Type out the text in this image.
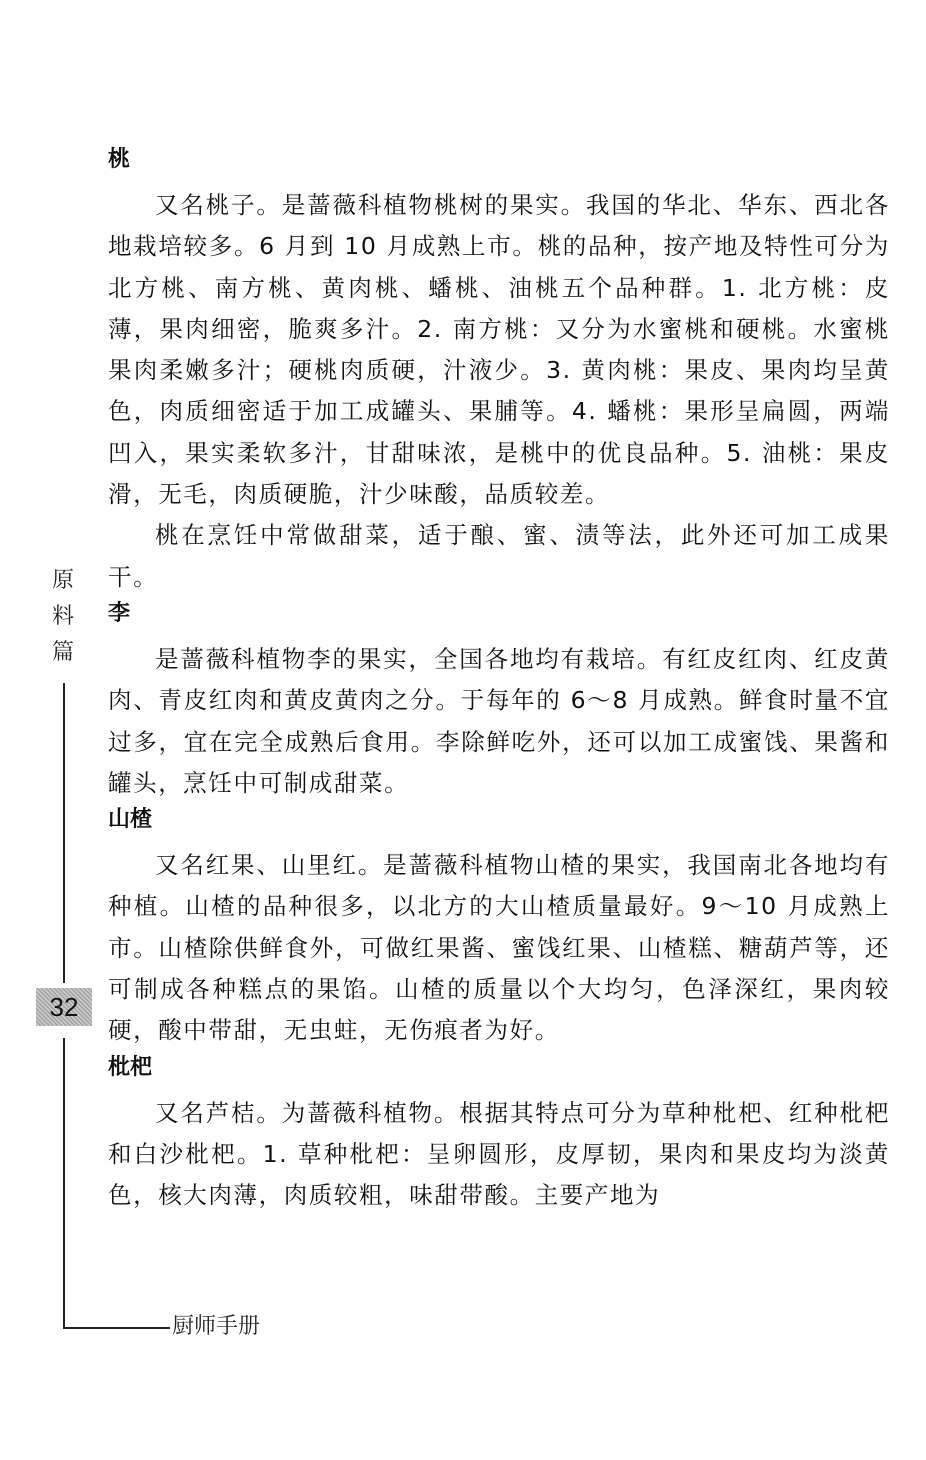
原
料
篇
32
厨师手册
桃

又名桃子。是蔷薇科植物桃树的果实。我国的华北、华东、西北各地栽培较多。6 月到 10 月成熟上市。桃的品种，按产地及特性可分为北方桃、南方桃、黄肉桃、蟠桃、油桃五个品种群。1. 北方桃：皮薄，果肉细密，脆爽多汁。2. 南方桃：又分为水蜜桃和硬桃。水蜜桃果肉柔嫩多汁；硬桃肉质硬，汁液少。3. 黄肉桃：果皮、果肉均呈黄色，肉质细密适于加工成罐头、果脯等。4. 蟠桃：果形呈扁圆，两端凹入，果实柔软多汁，甘甜味浓，是桃中的优良品种。5. 油桃：果皮滑，无毛，肉质硬脆，汁少味酸，品质较差。

桃在烹饪中常做甜菜，适于酿、蜜、渍等法，此外还可加工成果干。

李

是蔷薇科植物李的果实，全国各地均有栽培。有红皮红肉、红皮黄肉、青皮红肉和黄皮黄肉之分。于每年的 6～8 月成熟。鲜食时量不宜过多，宜在完全成熟后食用。李除鲜吃外，还可以加工成蜜饯、果酱和罐头，烹饪中可制成甜菜。

山楂

又名红果、山里红。是蔷薇科植物山楂的果实，我国南北各地均有种植。山楂的品种很多，以北方的大山楂质量最好。9～10 月成熟上市。山楂除供鲜食外，可做红果酱、蜜饯红果、山楂糕、糖葫芦等，还可制成各种糕点的果馅。山楂的质量以个大均匀，色泽深红，果肉较硬，酸中带甜，无虫蛀，无伤痕者为好。

枇杷

又名芦桔。为蔷薇科植物。根据其特点可分为草种枇杷、红种枇杷和白沙枇杷。1. 草种枇杷：呈卵圆形，皮厚韧，果肉和果皮均为淡黄色，核大肉薄，肉质较粗，味甜带酸。主要产地为
